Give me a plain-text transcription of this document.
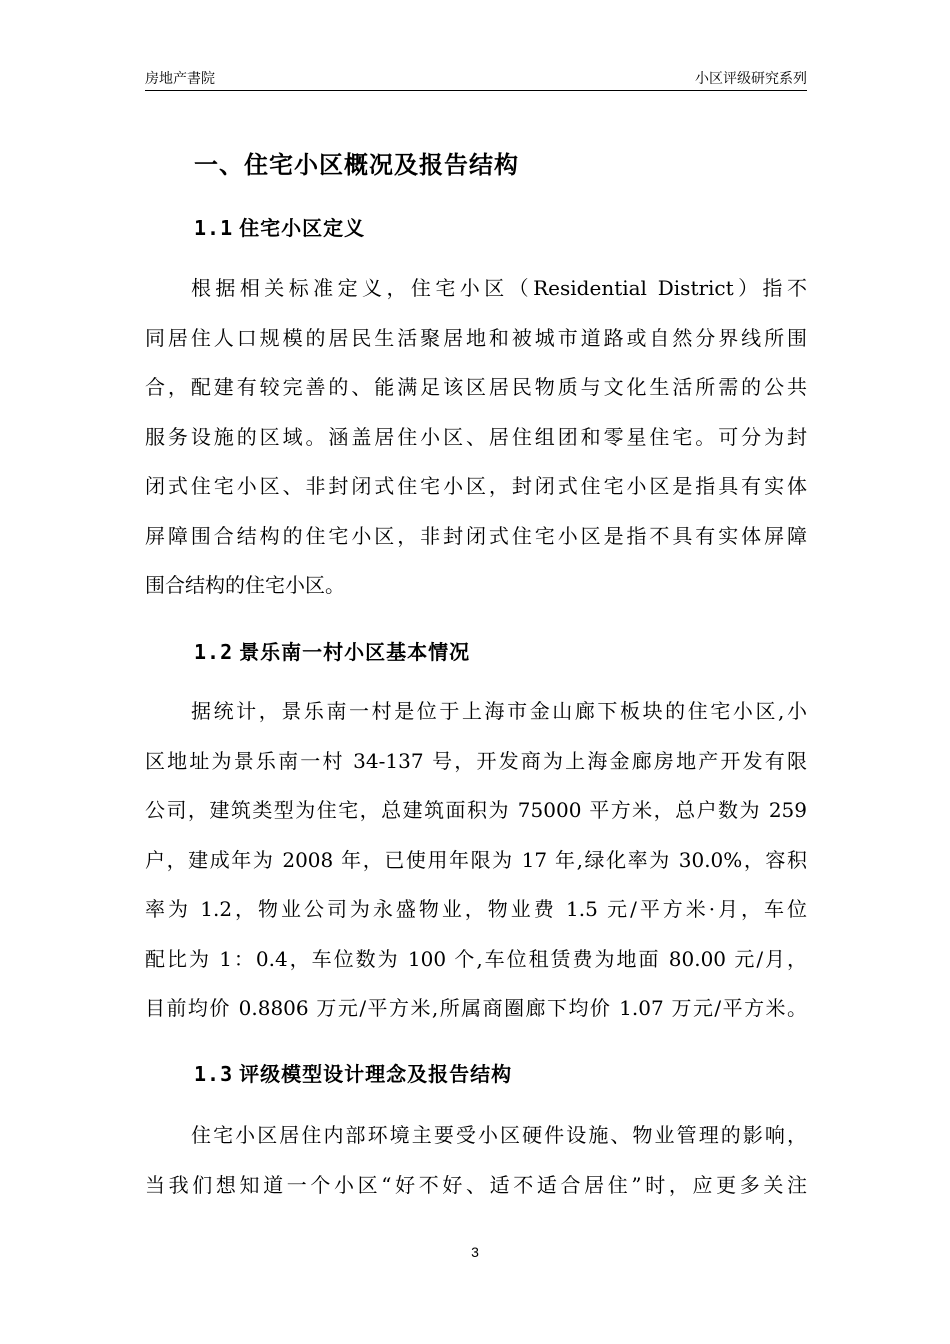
房地产書院	小区评级研究系列
一、住宅小区概况及报告结构
1.1 住宅小区定义
根据相关标准定义，住宅小区（Residential District）指不
同居住人口规模的居民生活聚居地和被城市道路或自然分界线所围
合，配建有较完善的、能满足该区居民物质与文化生活所需的公共
服务设施的区域。涵盖居住小区、居住组团和零星住宅。可分为封
闭式住宅小区、非封闭式住宅小区，封闭式住宅小区是指具有实体
屏障围合结构的住宅小区，非封闭式住宅小区是指不具有实体屏障
围合结构的住宅小区。
1.2 景乐南一村小区基本情况
据统计，景乐南一村是位于上海市金山廊下板块的住宅小区,小
区地址为景乐南一村 34-137 号，开发商为上海金廊房地产开发有限
公司，建筑类型为住宅，总建筑面积为 75000 平方米，总户数为 259
户，建成年为 2008 年，已使用年限为 17 年,绿化率为 30.0%，容积
率为 1.2，物业公司为永盛物业，物业费 1.5 元/平方米·月，车位
配比为 1：0.4，车位数为 100 个,车位租赁费为地面 80.00 元/月，
目前均价 0.8806 万元/平方米,所属商圈廊下均价 1.07 万元/平方米。
1.3 评级模型设计理念及报告结构
住宅小区居住内部环境主要受小区硬件设施、物业管理的影响，
当我们想知道一个小区“好不好、适不适合居住”时，应更多关注
3
